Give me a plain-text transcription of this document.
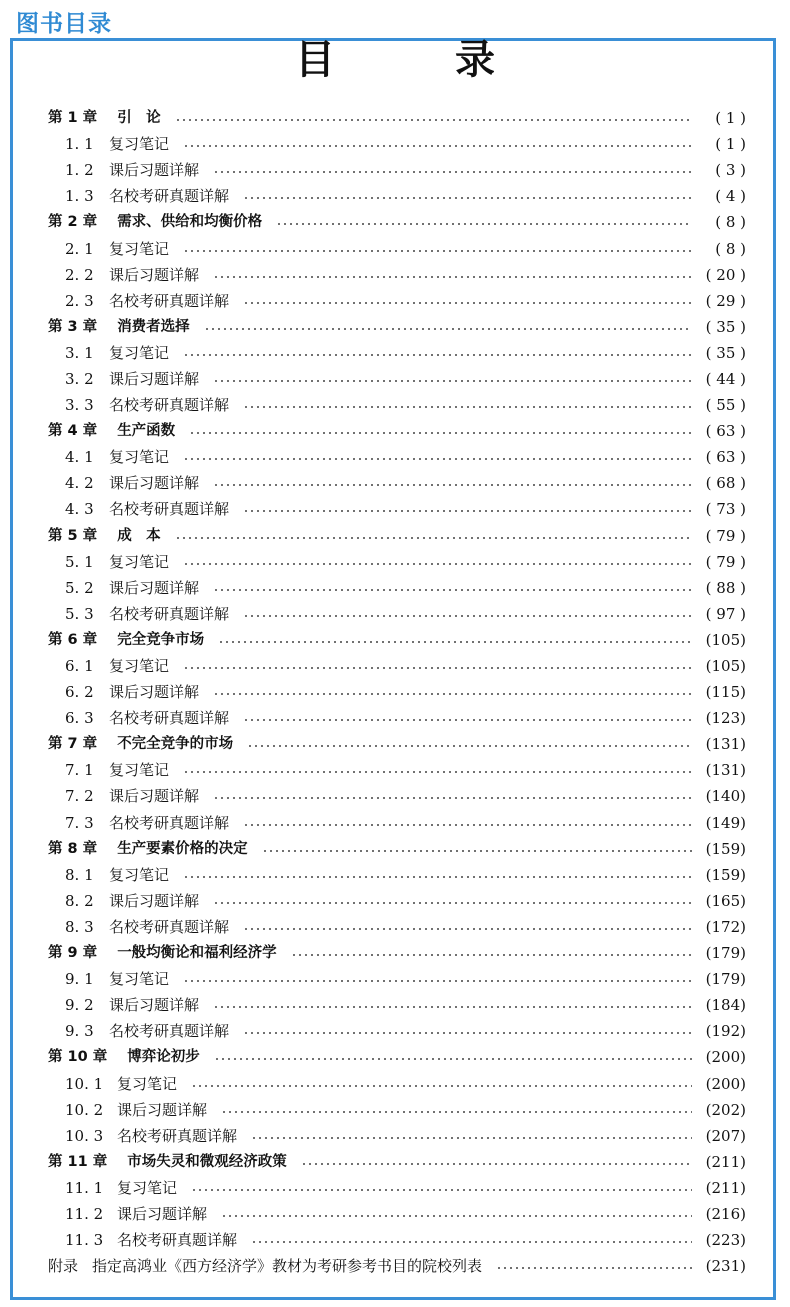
图书目录
目　录
第 1 章 引　论	( 1 )
1. 1	复习笔记	( 1 )
1. 2	课后习题详解	( 3 )
1. 3	名校考研真题详解	( 4 )
第 2 章 需求、供给和均衡价格	( 8 )
2. 1	复习笔记	( 8 )
2. 2	课后习题详解	( 20 )
2. 3	名校考研真题详解	( 29 )
第 3 章 消费者选择	( 35 )
3. 1	复习笔记	( 35 )
3. 2	课后习题详解	( 44 )
3. 3	名校考研真题详解	( 55 )
第 4 章 生产函数	( 63 )
4. 1	复习笔记	( 63 )
4. 2	课后习题详解	( 68 )
4. 3	名校考研真题详解	( 73 )
第 5 章 成　本	( 79 )
5. 1	复习笔记	( 79 )
5. 2	课后习题详解	( 88 )
5. 3	名校考研真题详解	( 97 )
第 6 章 完全竞争市场	(105)
6. 1	复习笔记	(105)
6. 2	课后习题详解	(115)
6. 3	名校考研真题详解	(123)
第 7 章 不完全竞争的市场	(131)
7. 1	复习笔记	(131)
7. 2	课后习题详解	(140)
7. 3	名校考研真题详解	(149)
第 8 章 生产要素价格的决定	(159)
8. 1	复习笔记	(159)
8. 2	课后习题详解	(165)
8. 3	名校考研真题详解	(172)
第 9 章 一般均衡论和福利经济学	(179)
9. 1	复习笔记	(179)
9. 2	课后习题详解	(184)
9. 3	名校考研真题详解	(192)
第 10 章 博弈论初步	(200)
10. 1 复习笔记	(200)
10. 2 课后习题详解	(202)
10. 3 名校考研真题详解	(207)
第 11 章 市场失灵和微观经济政策	(211)
11. 1 复习笔记	(211)
11. 2 课后习题详解	(216)
11. 3 名校考研真题详解	(223)
附录 指定高鸿业《西方经济学》教材为考研参考书目的院校列表	(231)
